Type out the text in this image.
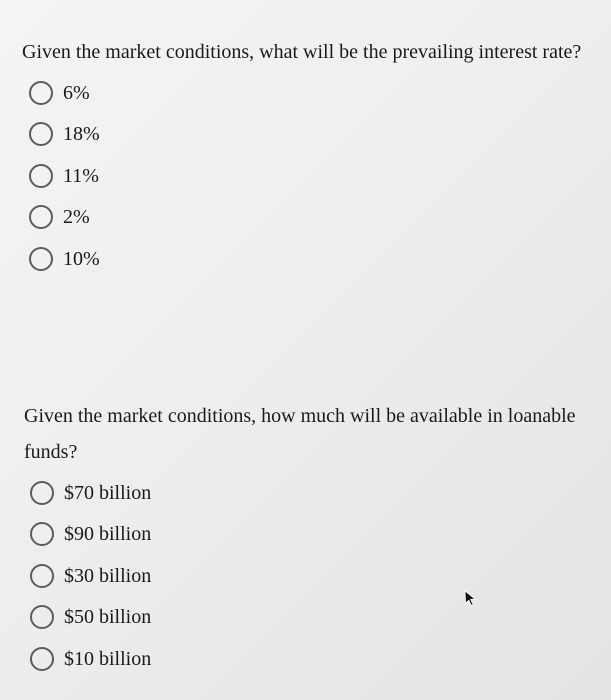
Given the market conditions, what will be the prevailing interest rate?

6%
18%
11%
2%
10%

Given the market conditions, how much will be available in loanable funds?

$70 billion
$90 billion
$30 billion
$50 billion
$10 billion
